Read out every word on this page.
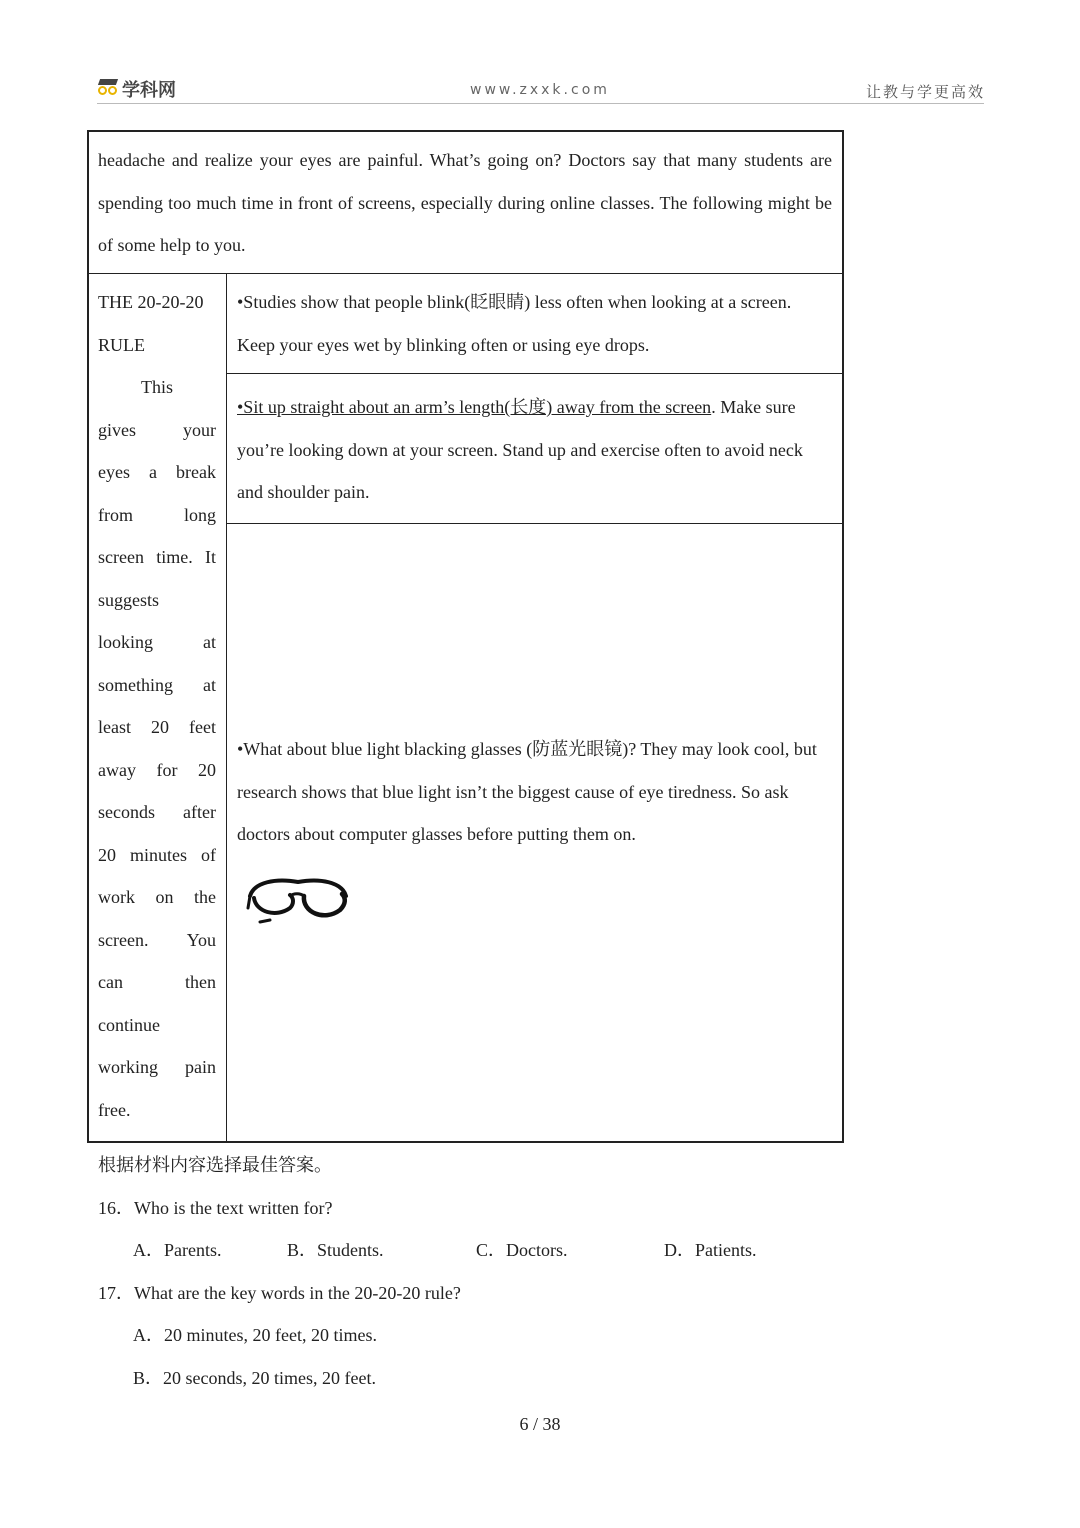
学科网	www.zxxk.com	让教与学更高效
headache and realize your eyes are painful. What’s going on? Doctors say that many students are spending too much time in front of screens, especially during online classes. The following might be of some help to you.
THE 20-20-20
RULE
This
gives your
eyes a break
from long
screen time. It
suggests
looking at
something at
least 20 feet
away for 20
seconds after
20 minutes of
work on the
screen. You
can then
continue
working pain
free.
•Studies show that people blink(眨眼睛) less often when looking at a screen. Keep your eyes wet by blinking often or using eye drops.
•Sit up straight about an arm’s length(长度) away from the screen. Make sure you’re looking down at your screen. Stand up and exercise often to avoid neck and shoulder pain.
•What about blue light blacking glasses (防蓝光眼镜)? They may look cool, but research shows that blue light isn’t the biggest cause of eye tiredness. So ask doctors about computer glasses before putting them on.
根据材料内容选择最佳答案。
16．Who is the text written for?
A．Parents.	B．Students.	C．Doctors.	D．Patients.
17．What are the key words in the 20-20-20 rule?
A．20 minutes, 20 feet, 20 times.
B．20 seconds, 20 times, 20 feet.
6 / 38
